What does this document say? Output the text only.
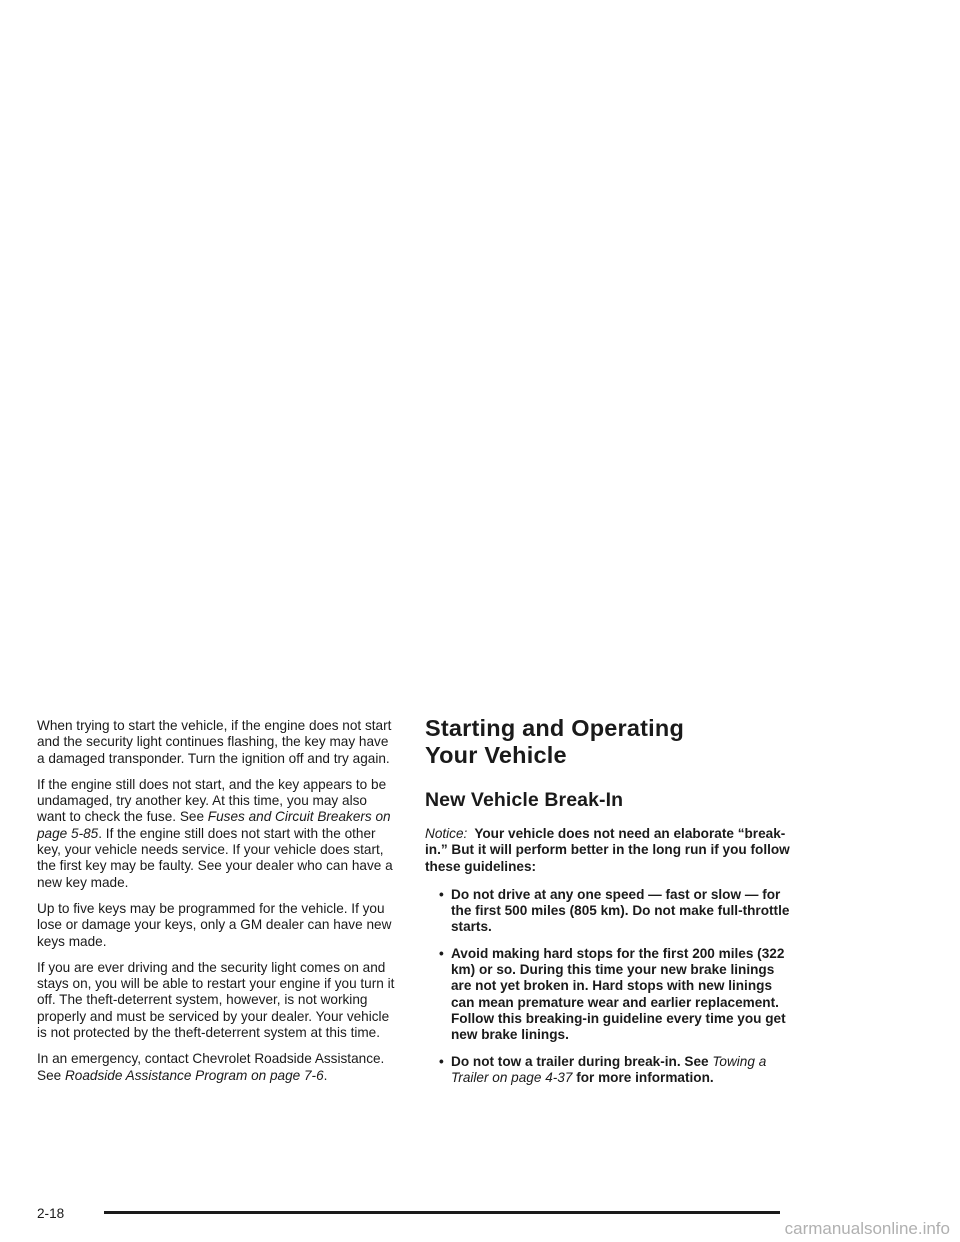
When trying to start the vehicle, if the engine does not start and the security light continues flashing, the key may have a damaged transponder. Turn the ignition off and try again.

If the engine still does not start, and the key appears to be undamaged, try another key. At this time, you may also want to check the fuse. See Fuses and Circuit Breakers on page 5-85. If the engine still does not start with the other key, your vehicle needs service. If your vehicle does start, the first key may be faulty. See your dealer who can have a new key made.

Up to five keys may be programmed for the vehicle. If you lose or damage your keys, only a GM dealer can have new keys made.

If you are ever driving and the security light comes on and stays on, you will be able to restart your engine if you turn it off. The theft-deterrent system, however, is not working properly and must be serviced by your dealer. Your vehicle is not protected by the theft-deterrent system at this time.

In an emergency, contact Chevrolet Roadside Assistance. See Roadside Assistance Program on page 7-6.

Starting and Operating
Your Vehicle
New Vehicle Break-In

Notice: Your vehicle does not need an elaborate “break-in.” But it will perform better in the long run if you follow these guidelines:

• Do not drive at any one speed — fast or slow — for the first 500 miles (805 km). Do not make full-throttle starts.
• Avoid making hard stops for the first 200 miles (322 km) or so. During this time your new brake linings are not yet broken in. Hard stops with new linings can mean premature wear and earlier replacement. Follow this breaking-in guideline every time you get new brake linings.
• Do not tow a trailer during break-in. See Towing a Trailer on page 4-37 for more information.
2-18
carmanualsonline.info
